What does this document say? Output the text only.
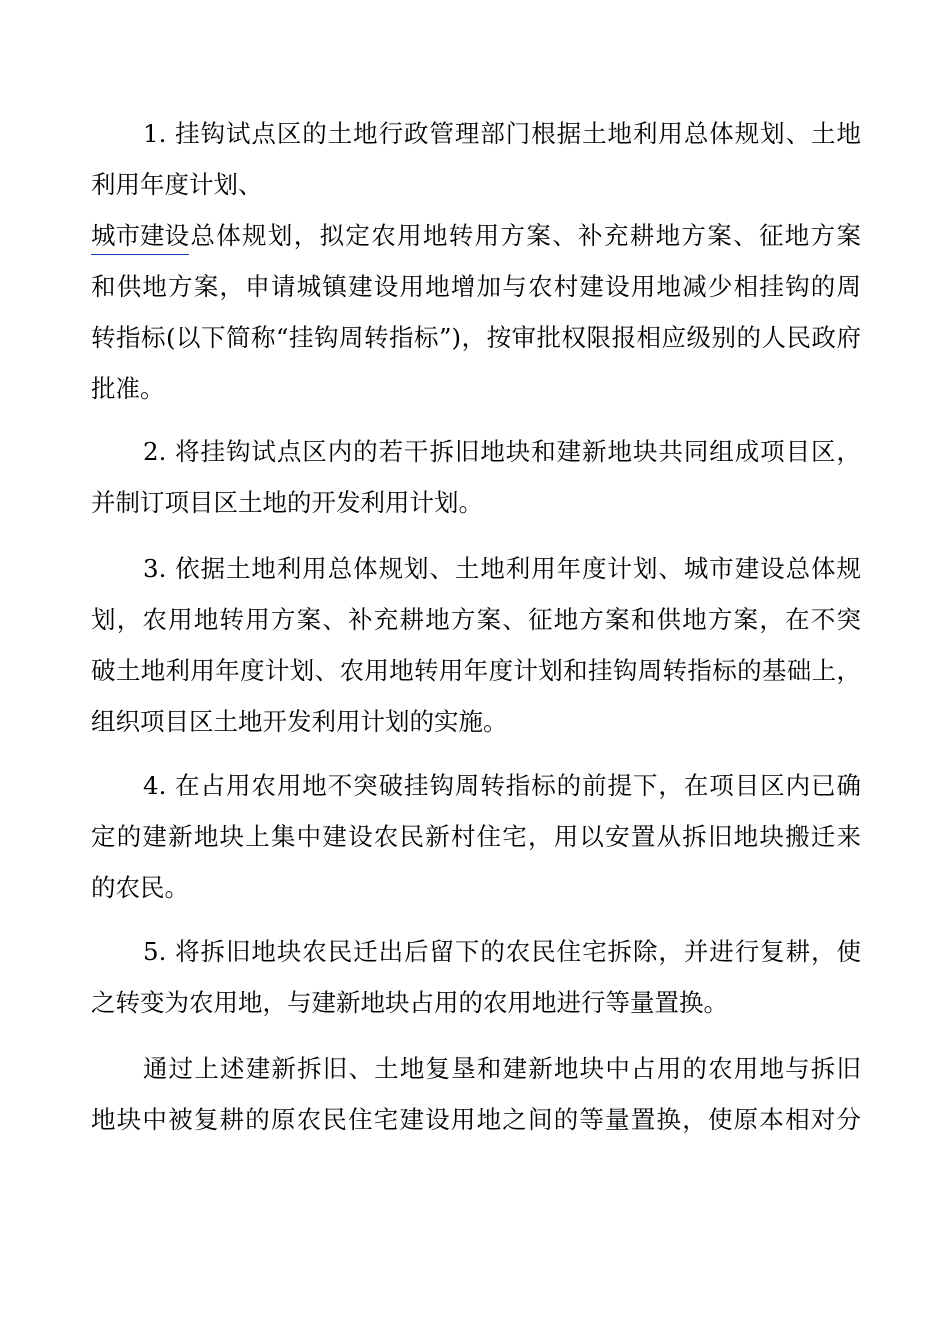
1. 挂钩试点区的土地行政管理部门根据土地利用总体规划、土地
利用年度计划、
城市建设总体规划，拟定农用地转用方案、补充耕地方案、征地方案
和供地方案，申请城镇建设用地增加与农村建设用地减少相挂钩的周
转指标(以下简称“挂钩周转指标”)，按审批权限报相应级别的人民政府
批准。
2. 将挂钩试点区内的若干拆旧地块和建新地块共同组成项目区，
并制订项目区土地的开发利用计划。
3. 依据土地利用总体规划、土地利用年度计划、城市建设总体规
划，农用地转用方案、补充耕地方案、征地方案和供地方案，在不突
破土地利用年度计划、农用地转用年度计划和挂钩周转指标的基础上，
组织项目区土地开发利用计划的实施。
4. 在占用农用地不突破挂钩周转指标的前提下，在项目区内已确
定的建新地块上集中建设农民新村住宅，用以安置从拆旧地块搬迁来
的农民。
5. 将拆旧地块农民迁出后留下的农民住宅拆除，并进行复耕，使
之转变为农用地，与建新地块占用的农用地进行等量置换。
通过上述建新拆旧、土地复垦和建新地块中占用的农用地与拆旧
地块中被复耕的原农民住宅建设用地之间的等量置换，使原本相对分
